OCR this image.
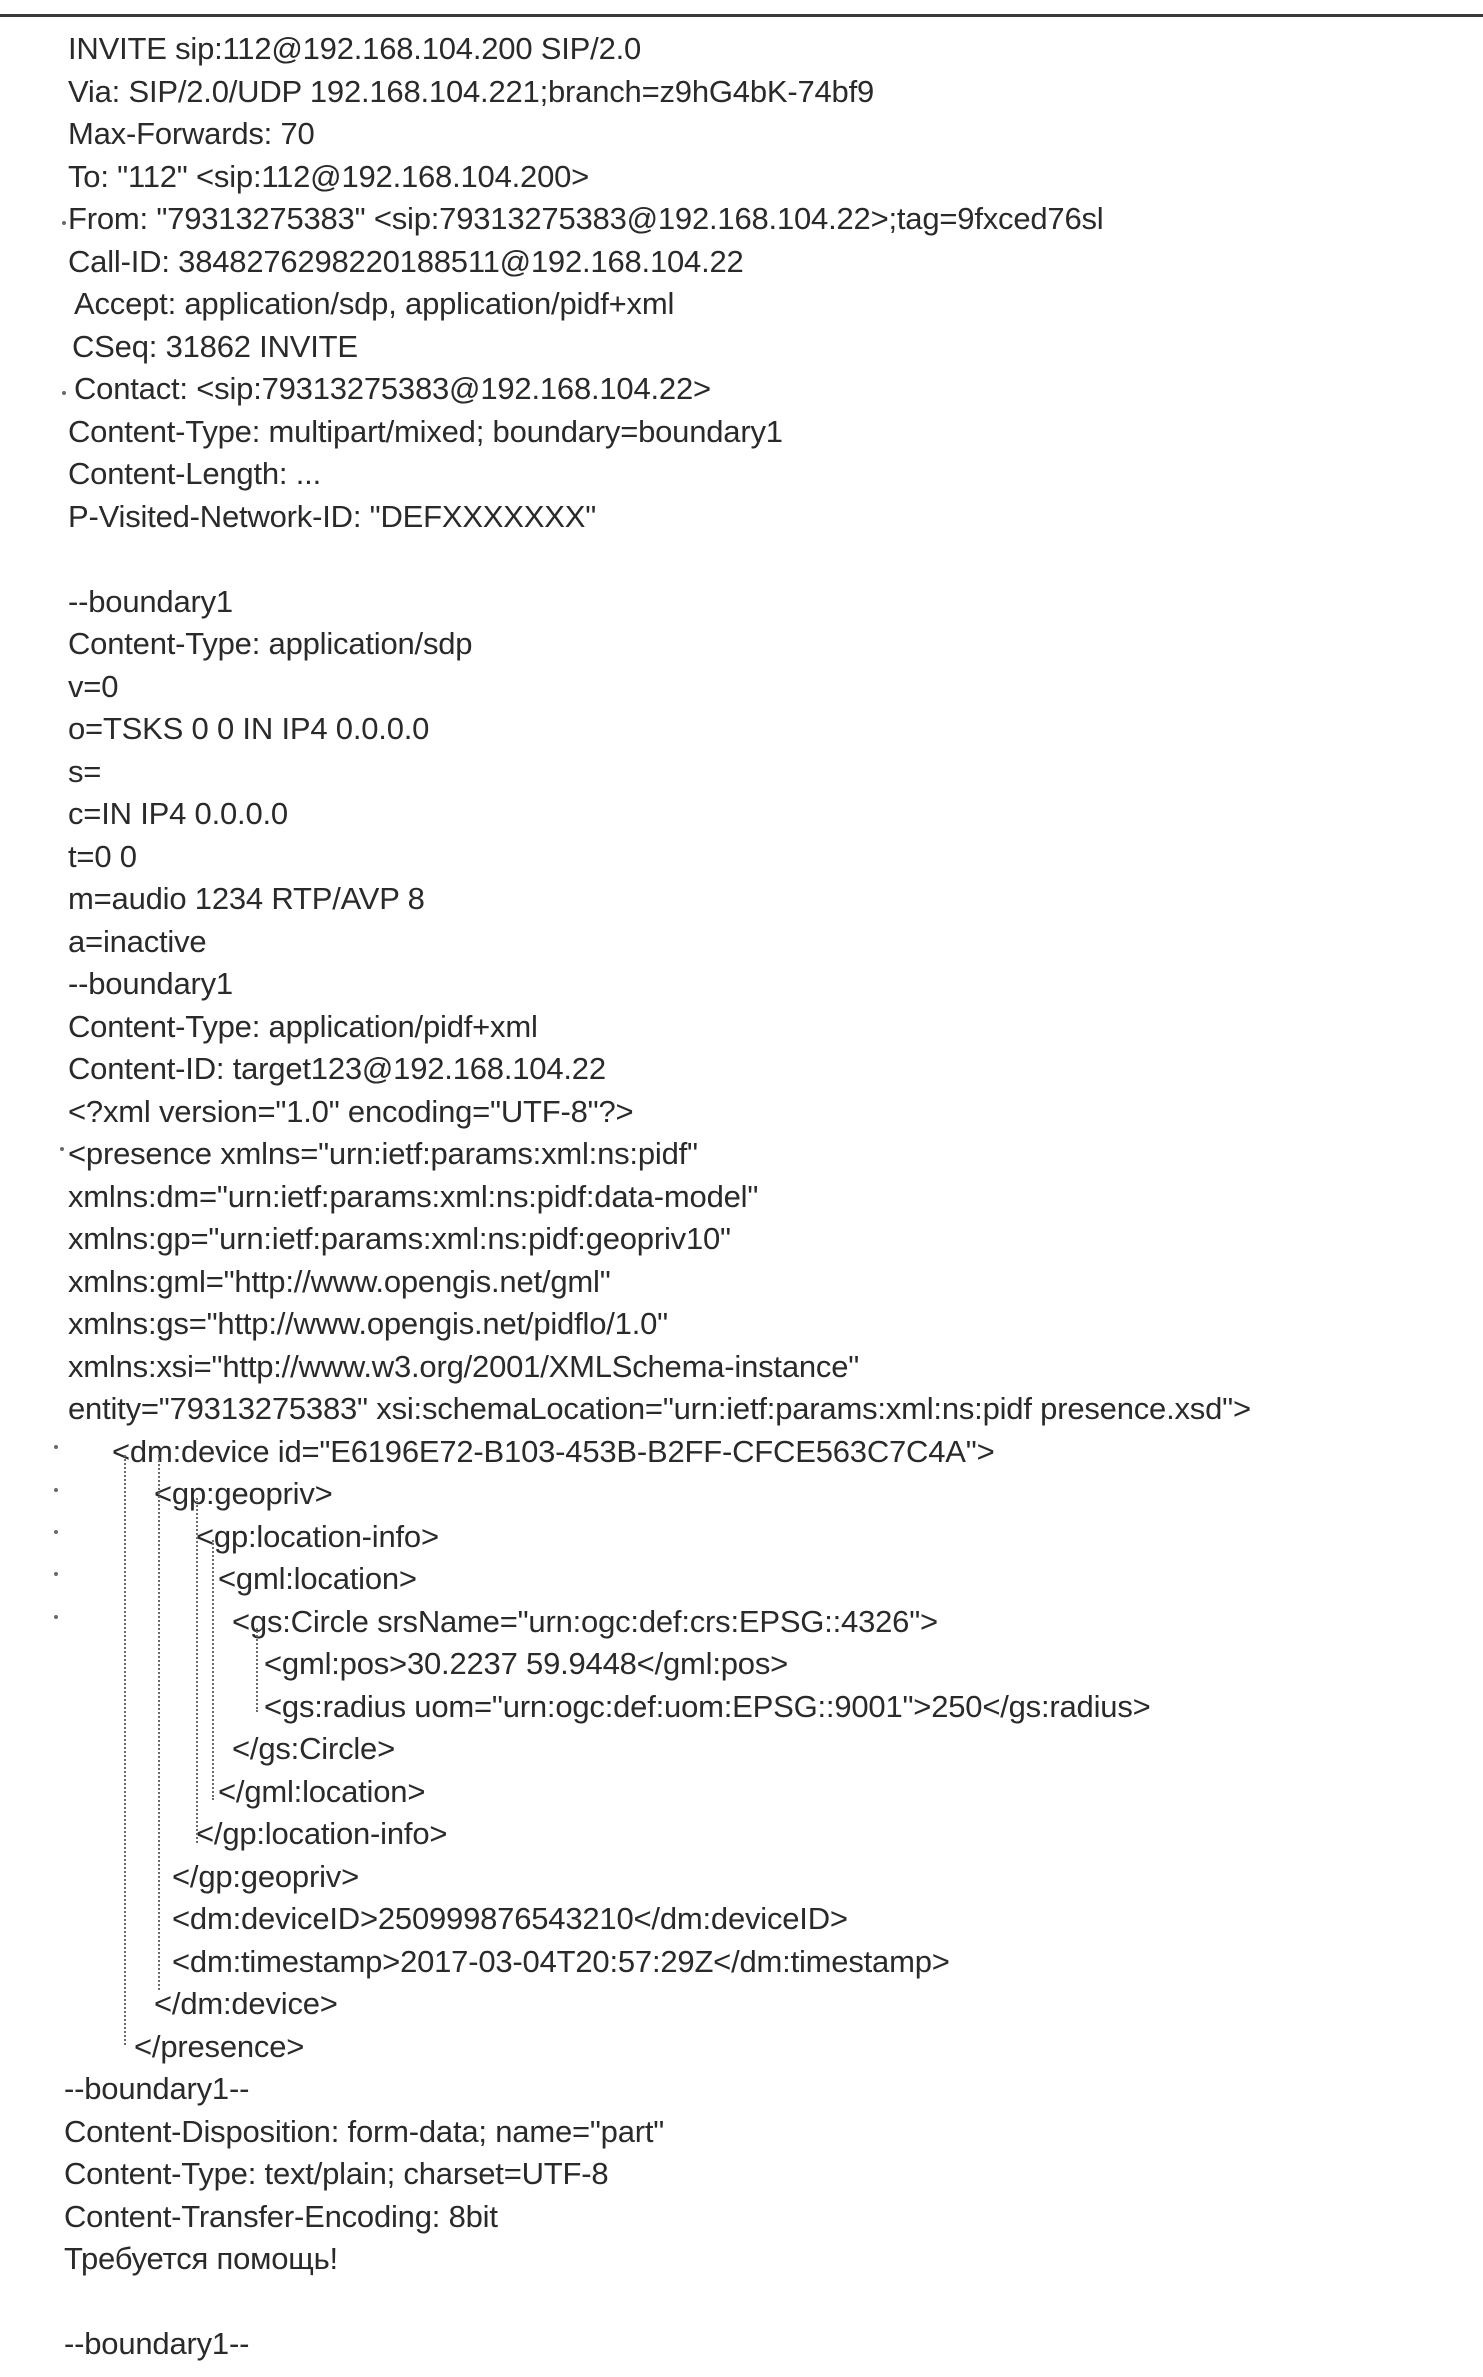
INVITE sip:112@192.168.104.200 SIP/2.0
Via: SIP/2.0/UDP 192.168.104.221;branch=z9hG4bK-74bf9
Max-Forwards: 70
To: "112" <sip:112@192.168.104.200>
From: "79313275383" <sip:79313275383@192.168.104.22>;tag=9fxced76sl
Call-ID: 3848276298220188511@192.168.104.22
Accept: application/sdp, application/pidf+xml
CSeq: 31862 INVITE
Contact: <sip:79313275383@192.168.104.22>
Content-Type: multipart/mixed; boundary=boundary1
Content-Length: ...
P-Visited-Network-ID: "DEFXXXXXXX"
--boundary1
Content-Type: application/sdp
v=0
o=TSKS 0 0 IN IP4 0.0.0.0
s=
c=IN IP4 0.0.0.0
t=0 0
m=audio 1234 RTP/AVP 8
a=inactive
--boundary1
Content-Type: application/pidf+xml
Content-ID: target123@192.168.104.22
<?xml version="1.0" encoding="UTF-8"?>
<presence xmlns="urn:ietf:params:xml:ns:pidf"
xmlns:dm="urn:ietf:params:xml:ns:pidf:data-model"
xmlns:gp="urn:ietf:params:xml:ns:pidf:geopriv10"
xmlns:gml="http://www.opengis.net/gml"
xmlns:gs="http://www.opengis.net/pidflo/1.0"
xmlns:xsi="http://www.w3.org/2001/XMLSchema-instance"
entity="79313275383" xsi:schemaLocation="urn:ietf:params:xml:ns:pidf presence.xsd">
<dm:device id="E6196E72-B103-453B-B2FF-CFCE563C7C4A">
<gp:geopriv>
<gp:location-info>
<gml:location>
<gs:Circle srsName="urn:ogc:def:crs:EPSG::4326">
<gml:pos>30.2237 59.9448</gml:pos>
<gs:radius uom="urn:ogc:def:uom:EPSG::9001">250</gs:radius>
</gs:Circle>
</gml:location>
</gp:location-info>
</gp:geopriv>
<dm:deviceID>250999876543210</dm:deviceID>
<dm:timestamp>2017-03-04T20:57:29Z</dm:timestamp>
</dm:device>
</presence>
--boundary1--
Content-Disposition: form-data; name="part"
Content-Type: text/plain; charset=UTF-8
Content-Transfer-Encoding: 8bit
Требуется помощь!
--boundary1--
